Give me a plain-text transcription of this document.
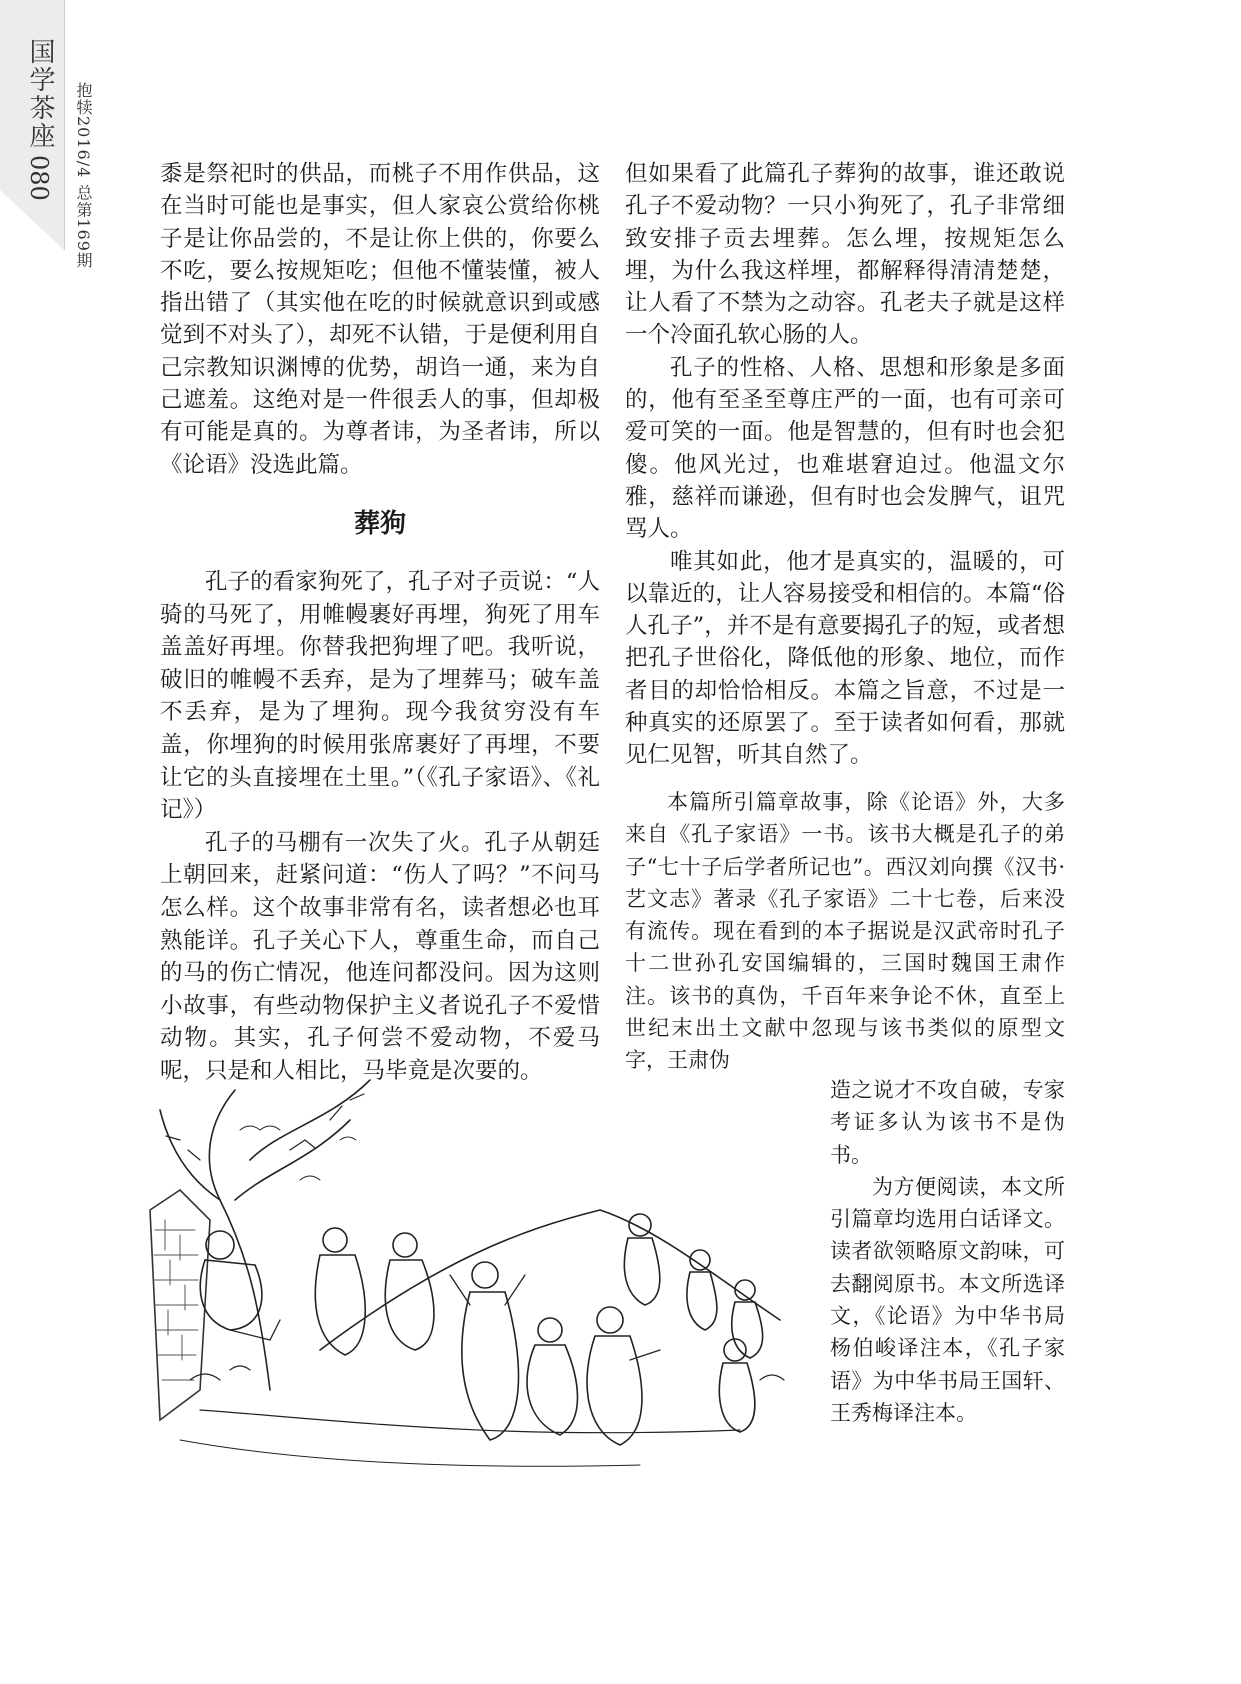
国学茶座
080 抱犊2016/4 总第169期	黍是祭祀时的供品，而桃子不用作供品，这在当时可能也是事实，但人家哀公赏给你桃子是让你品尝的，不是让你上供的，你要么不吃，要么按规矩吃；但他不懂装懂，被人指出错了（其实他在吃的时候就意识到或感觉到不对头了），却死不认错，于是便利用自己宗教知识渊博的优势，胡诌一通，来为自己遮羞。这绝对是一件很丢人的事，但却极有可能是真的。为尊者讳，为圣者讳，所以《论语》没选此篇。

葬狗

孔子的看家狗死了，孔子对子贡说：“人骑的马死了，用帷幔裹好再埋，狗死了用车盖盖好再埋。你替我把狗埋了吧。我听说，破旧的帷幔不丢弃，是为了埋葬马；破车盖不丢弃，是为了埋狗。现今我贫穷没有车盖，你埋狗的时候用张席裹好了再埋，不要让它的头直接埋在土里。”（《孔子家语》、《礼记》）

孔子的马棚有一次失了火。孔子从朝廷上朝回来，赶紧问道：“伤人了吗？”不问马怎么样。这个故事非常有名，读者想必也耳熟能详。孔子关心下人，尊重生命，而自己的马的伤亡情况，他连问都没问。因为这则小故事，有些动物保护主义者说孔子不爱惜动物。其实，孔子何尝不爱动物，不爱马呢，只是和人相比，马毕竟是次要的。

但如果看了此篇孔子葬狗的故事，谁还敢说孔子不爱动物？一只小狗死了，孔子非常细致安排子贡去埋葬。怎么埋，按规矩怎么埋，为什么我这样埋，都解释得清清楚楚，让人看了不禁为之动容。孔老夫子就是这样一个冷面孔软心肠的人。

孔子的性格、人格、思想和形象是多面的，他有至圣至尊庄严的一面，也有可亲可爱可笑的一面。他是智慧的，但有时也会犯傻。他风光过，也难堪窘迫过。他温文尔雅，慈祥而谦逊，但有时也会发脾气，诅咒骂人。

唯其如此，他才是真实的，温暖的，可以靠近的，让人容易接受和相信的。本篇“俗人孔子”，并不是有意要揭孔子的短，或者想把孔子世俗化，降低他的形象、地位，而作者目的却恰恰相反。本篇之旨意，不过是一种真实的还原罢了。至于读者如何看，那就见仁见智，听其自然了。

本篇所引篇章故事，除《论语》外，大多来自《孔子家语》一书。该书大概是孔子的弟子“七十子后学者所记也”。西汉刘向撰《汉书·艺文志》著录《孔子家语》二十七卷，后来没有流传。现在看到的本子据说是汉武帝时孔子十二世孙孔安国编辑的，三国时魏国王肃作注。该书的真伪，千百年来争论不休，直至上世纪末出土文献中忽现与该书类似的原型文字，王肃伪

造之说才不攻自破，专家考证多认为该书不是伪书。

为方便阅读，本文所引篇章均选用白话译文。读者欲领略原文韵味，可去翻阅原书。本文所选译文，《论语》为中华书局杨伯峻译注本，《孔子家语》为中华书局王国轩、王秀梅译注本。
